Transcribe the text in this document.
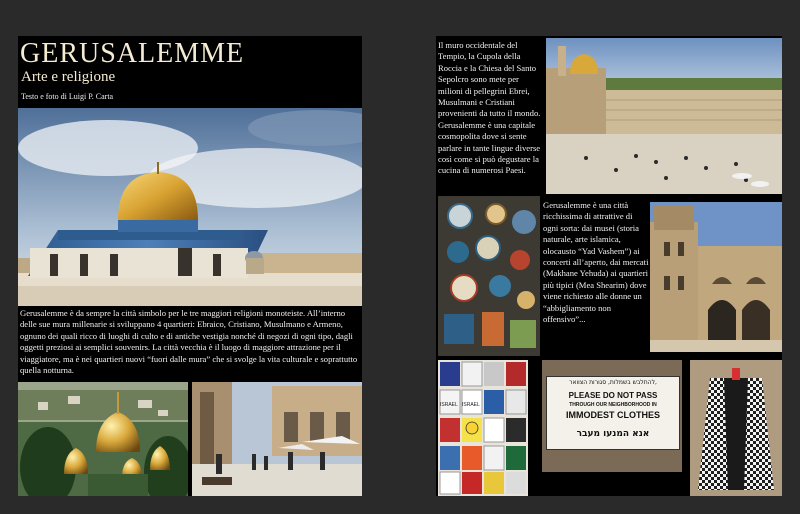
GERUSALEMME
Arte e religione
Testo e foto di Luigi P. Carta
Gerusalemme è da sempre la città simbolo per le tre maggiori religioni monoteiste. All’interno delle sue mura millenarie si sviluppano 4 quartieri: Ebraico, Cristiano, Musulmano e Armeno, ognuno dei quali ricco di luoghi di culto e di antiche vestigia nonché di negozi di ogni tipo, dagli oggetti preziosi ai semplici souvenirs. La città vecchia è il luogo di maggiore attrazione per il viaggiatore, ma è nei quartieri nuovi “fuori dalle mura” che si svolge la vita culturale e soprattutto quella notturna.
Il muro occidentale del Tempio, la Cupola della Roccia e la Chiesa del Santo Sepolcro sono mete per milioni di pellegrini Ebrei, Musulmani e Cristiani provenienti da tutto il mondo. Gerusalemme è una capitale cosmopolita dove si sente parlare in tante lingue diverse così come si può degustare la cucina di numerosi Paesi.
Gerusalemme è una città ricchissima di attrattive di ogni sorta: dai musei (storia naturale, arte islamica, olocausto “Yad Vashem”) ai concerti all’aperto, dai mercati (Makhane Yehuda) ai quartieri più tipici (Mea Shearim) dove viene richiesto alle donne un “abbigliamento non offensivo”...
ISRAEL
ISRAEL
להתלבש בשמלות, סגורות הצוואר,
PLEASE DO NOT PASS
THROUGH OUR NEIGHBORHOOD IN
IMMODEST CLOTHES
אנא המנעו מעבר
